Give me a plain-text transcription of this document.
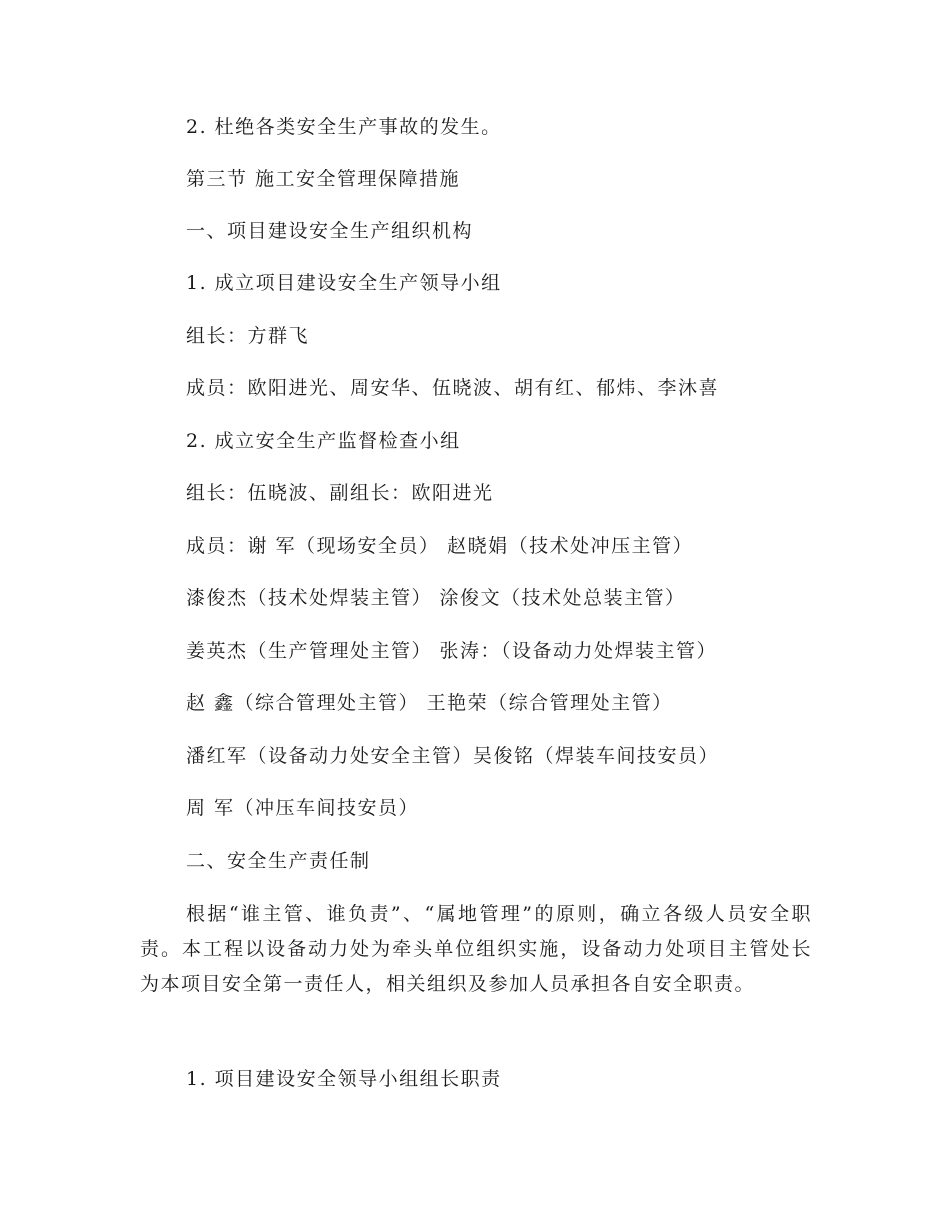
2. 杜绝各类安全生产事故的发生。
第三节 施工安全管理保障措施
一、项目建设安全生产组织机构
1. 成立项目建设安全生产领导小组
组长：方群飞
成员：欧阳进光、周安华、伍晓波、胡有红、郁炜、李沐喜
2. 成立安全生产监督检查小组
组长：伍晓波、副组长：欧阳进光
成员：谢 军（现场安全员） 赵晓娟（技术处冲压主管）
漆俊杰（技术处焊装主管） 涂俊文（技术处总装主管）
姜英杰（生产管理处主管） 张涛：（设备动力处焊装主管）
赵 鑫（综合管理处主管） 王艳荣（综合管理处主管）
潘红军（设备动力处安全主管）吴俊铭（焊装车间技安员）
周 军（冲压车间技安员）
二、安全生产责任制
根据“谁主管、谁负责”、“属地管理”的原则，确立各级人员安全职责。本工程以设备动力处为牵头单位组织实施，设备动力处项目主管处长为本项目安全第一责任人，相关组织及参加人员承担各自安全职责。
1. 项目建设安全领导小组组长职责
